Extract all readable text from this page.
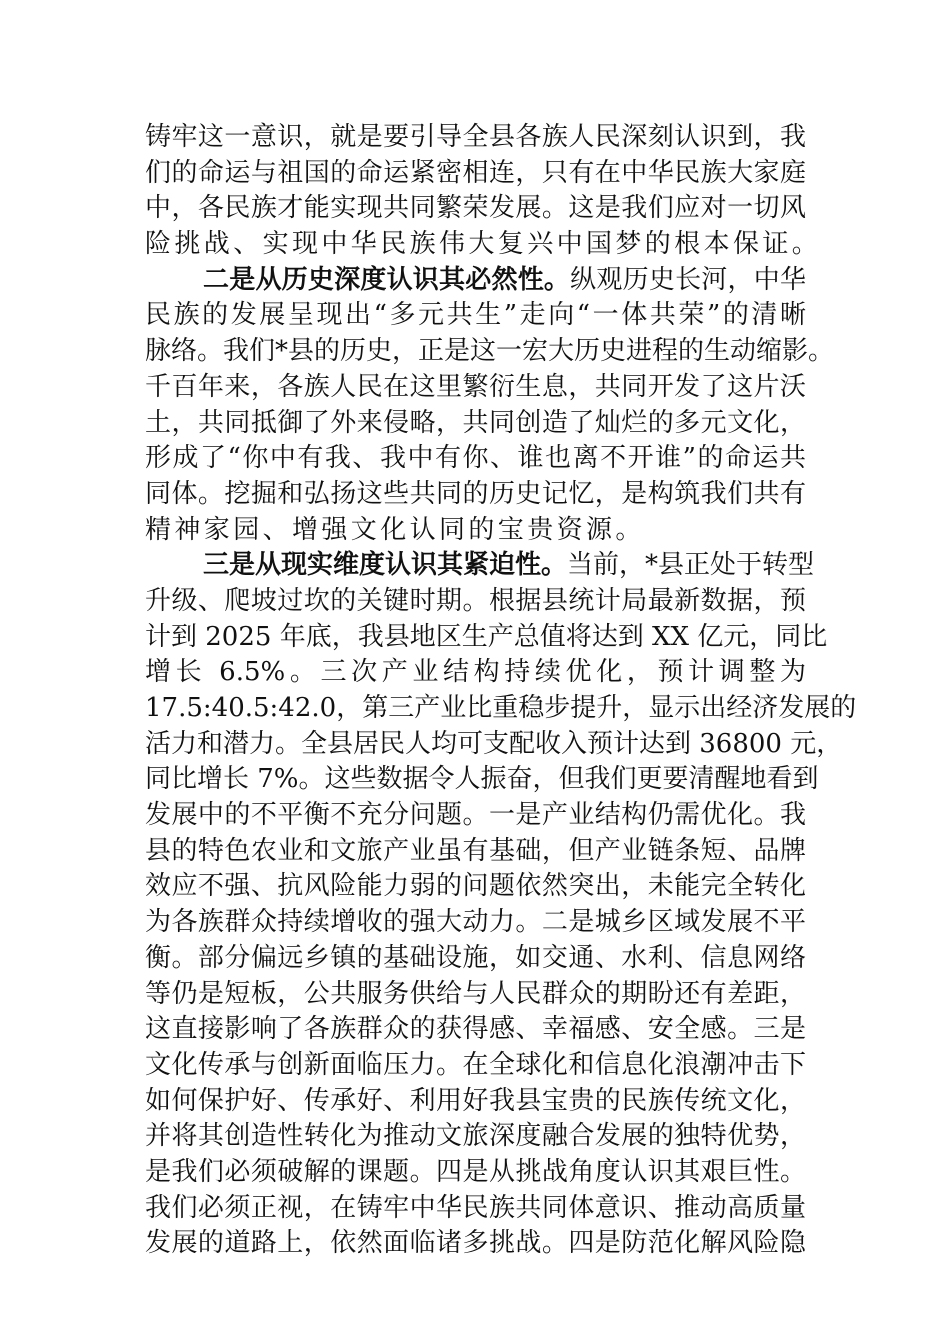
铸牢这一意识，就是要引导全县各族人民深刻认识到，我
们的命运与祖国的命运紧密相连，只有在中华民族大家庭
中，各民族才能实现共同繁荣发展。这是我们应对一切风
险挑战、实现中华民族伟大复兴中国梦的根本保证。
二是从历史深度认识其必然性。纵观历史长河，中华
民族的发展呈现出“多元共生”走向“一体共荣”的清晰
脉络。我们*县的历史，正是这一宏大历史进程的生动缩影。
千百年来，各族人民在这里繁衍生息，共同开发了这片沃
土，共同抵御了外来侵略，共同创造了灿烂的多元文化，
形成了“你中有我、我中有你、谁也离不开谁”的命运共
同体。挖掘和弘扬这些共同的历史记忆，是构筑我们共有
精神家园、增强文化认同的宝贵资源。
三是从现实维度认识其紧迫性。当前，*县正处于转型
升级、爬坡过坎的关键时期。根据县统计局最新数据，预
计到 2025 年底，我县地区生产总值将达到 XX 亿元，同比
增长 6.5%。三次产业结构持续优化，预计调整为
17.5:40.5:42.0，第三产业比重稳步提升，显示出经济发展的
活力和潜力。全县居民人均可支配收入预计达到 36800 元，
同比增长 7%。这些数据令人振奋，但我们更要清醒地看到
发展中的不平衡不充分问题。一是产业结构仍需优化。我
县的特色农业和文旅产业虽有基础，但产业链条短、品牌
效应不强、抗风险能力弱的问题依然突出，未能完全转化
为各族群众持续增收的强大动力。二是城乡区域发展不平
衡。部分偏远乡镇的基础设施，如交通、水利、信息网络
等仍是短板，公共服务供给与人民群众的期盼还有差距，
这直接影响了各族群众的获得感、幸福感、安全感。三是
文化传承与创新面临压力。在全球化和信息化浪潮冲击下
如何保护好、传承好、利用好我县宝贵的民族传统文化，
并将其创造性转化为推动文旅深度融合发展的独特优势，
是我们必须破解的课题。四是从挑战角度认识其艰巨性。
我们必须正视，在铸牢中华民族共同体意识、推动高质量
发展的道路上，依然面临诸多挑战。四是防范化解风险隐
